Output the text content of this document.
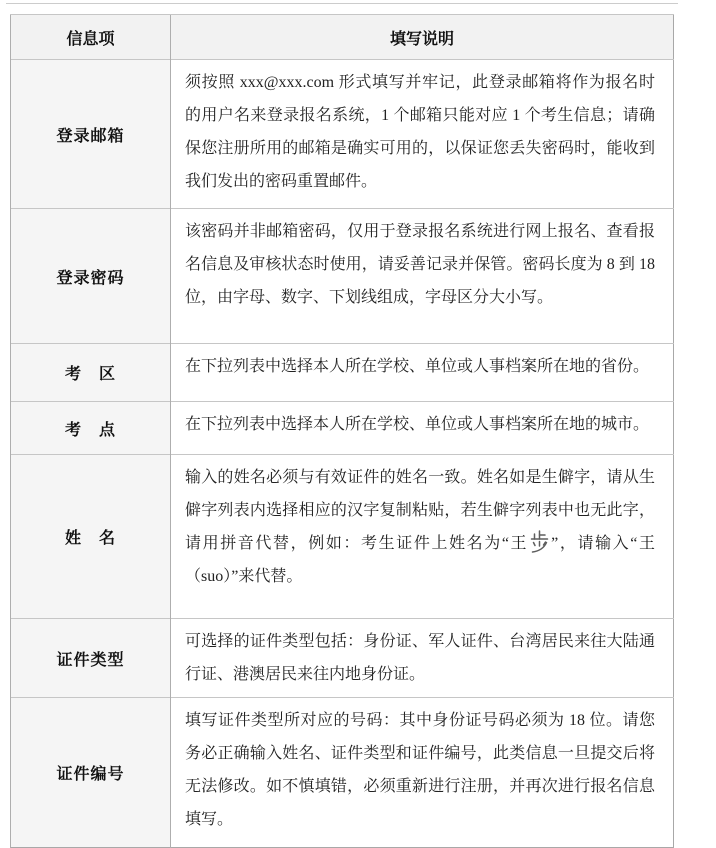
信息项	填写说明
登录邮箱	须按照 xxx@xxx.com 形式填写并牢记，此登录邮箱将作为报名时的用户名来登录报名系统，1 个邮箱只能对应 1 个考生信息；请确保您注册所用的邮箱是确实可用的，以保证您丢失密码时，能收到我们发出的密码重置邮件。
登录密码	该密码并非邮箱密码，仅用于登录报名系统进行网上报名、查看报名信息及审核状态时使用，请妥善记录并保管。密码长度为 8 到 18 位，由字母、数字、下划线组成，字母区分大小写。
考　区	在下拉列表中选择本人所在学校、单位或人事档案所在地的省份。
考　点	在下拉列表中选择本人所在学校、单位或人事档案所在地的城市。
姓　名	输入的姓名必须与有效证件的姓名一致。姓名如是生僻字，请从生僻字列表内选择相应的汉字复制粘贴，若生僻字列表中也无此字，请用拼音代替，例如：考生证件上姓名为“王 ”，请输入“王（suo）”来代替。
证件类型	可选择的证件类型包括：身份证、军人证件、台湾居民来往大陆通行证、港澳居民来往内地身份证。
证件编号	填写证件类型所对应的号码：其中身份证号码必须为 18 位。请您务必正确输入姓名、证件类型和证件编号，此类信息一旦提交后将无法修改。如不慎填错，必须重新进行注册，并再次进行报名信息填写。
